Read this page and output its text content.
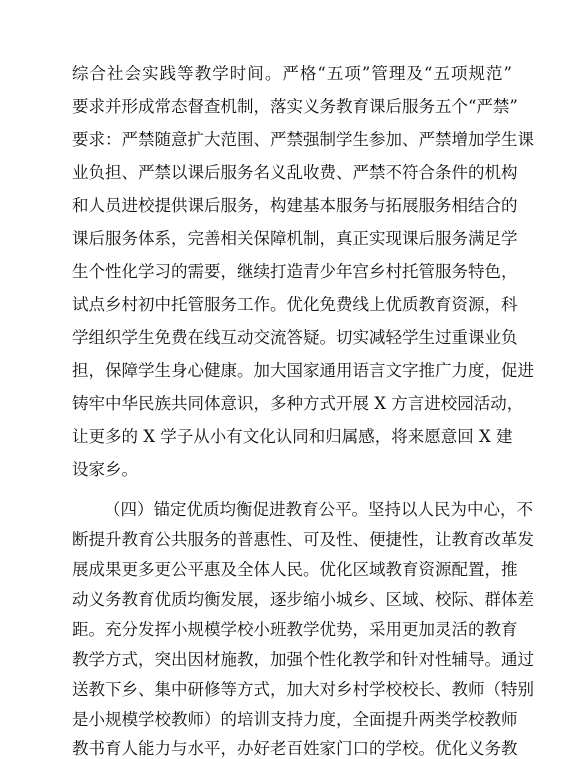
综合社会实践等教学时间。严格“五项”管理及“五项规范”
要求并形成常态督查机制，落实义务教育课后服务五个“严禁”
要求：严禁随意扩大范围、严禁强制学生参加、严禁增加学生课
业负担、严禁以课后服务名义乱收费、严禁不符合条件的机构
和人员进校提供课后服务，构建基本服务与拓展服务相结合的
课后服务体系，完善相关保障机制，真正实现课后服务满足学
生个性化学习的需要，继续打造青少年宫乡村托管服务特色，
试点乡村初中托管服务工作。优化免费线上优质教育资源，科
学组织学生免费在线互动交流答疑。切实减轻学生过重课业负
担，保障学生身心健康。加大国家通用语言文字推广力度，促进
铸牢中华民族共同体意识，多种方式开展 X 方言进校园活动，
让更多的 X 学子从小有文化认同和归属感，将来愿意回 X 建
设家乡。
（四）锚定优质均衡促进教育公平。坚持以人民为中心，不
断提升教育公共服务的普惠性、可及性、便捷性，让教育改革发
展成果更多更公平惠及全体人民。优化区域教育资源配置，推
动义务教育优质均衡发展，逐步缩小城乡、区域、校际、群体差
距。充分发挥小规模学校小班教学优势，采用更加灵活的教育
教学方式，突出因材施教，加强个性化教学和针对性辅导。通过
送教下乡、集中研修等方式，加大对乡村学校校长、教师（特别
是小规模学校教师）的培训支持力度，全面提升两类学校教师
教书育人能力与水平，办好老百姓家门口的学校。优化义务教
